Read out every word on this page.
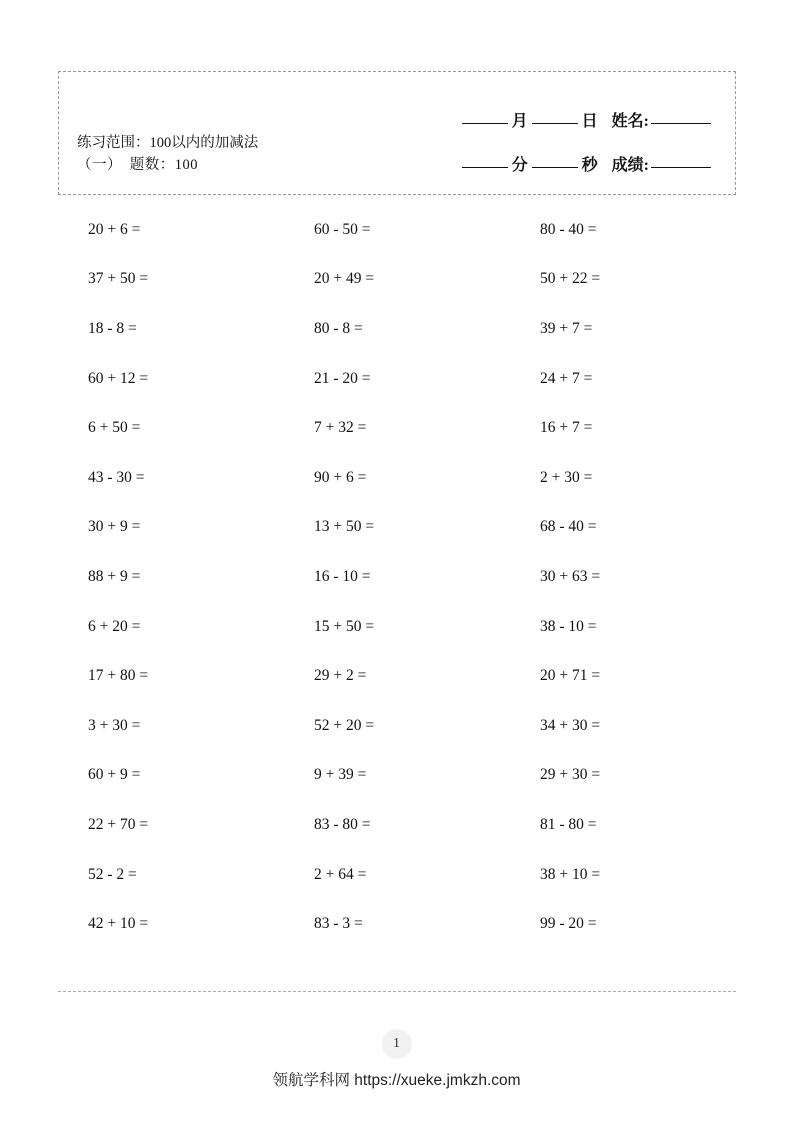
练习范围：100以内的加减法
（一）　题数：100
月	日 姓名:
分	秒 成绩:
20 + 6 =	60 - 50 =	80 - 40 =
37 + 50 =	20 + 49 =	50 + 22 =
18 - 8 =	80 - 8 =	39 + 7 =
60 + 12 =	21 - 20 =	24 + 7 =
6 + 50 =	7 + 32 =	16 + 7 =
43 - 30 =	90 + 6 =	2 + 30 =
30 + 9 =	13 + 50 =	68 - 40 =
88 + 9 =	16 - 10 =	30 + 63 =
6 + 20 =	15 + 50 =	38 - 10 =
17 + 80 =	29 + 2 =	20 + 71 =
3 + 30 =	52 + 20 =	34 + 30 =
60 + 9 =	9 + 39 =	29 + 30 =
22 + 70 =	83 - 80 =	81 - 80 =
52 - 2 =	2 + 64 =	38 + 10 =
42 + 10 =	83 - 3 =	99 - 20 =
1
领航学科网 https://xueke.jmkzh.com
